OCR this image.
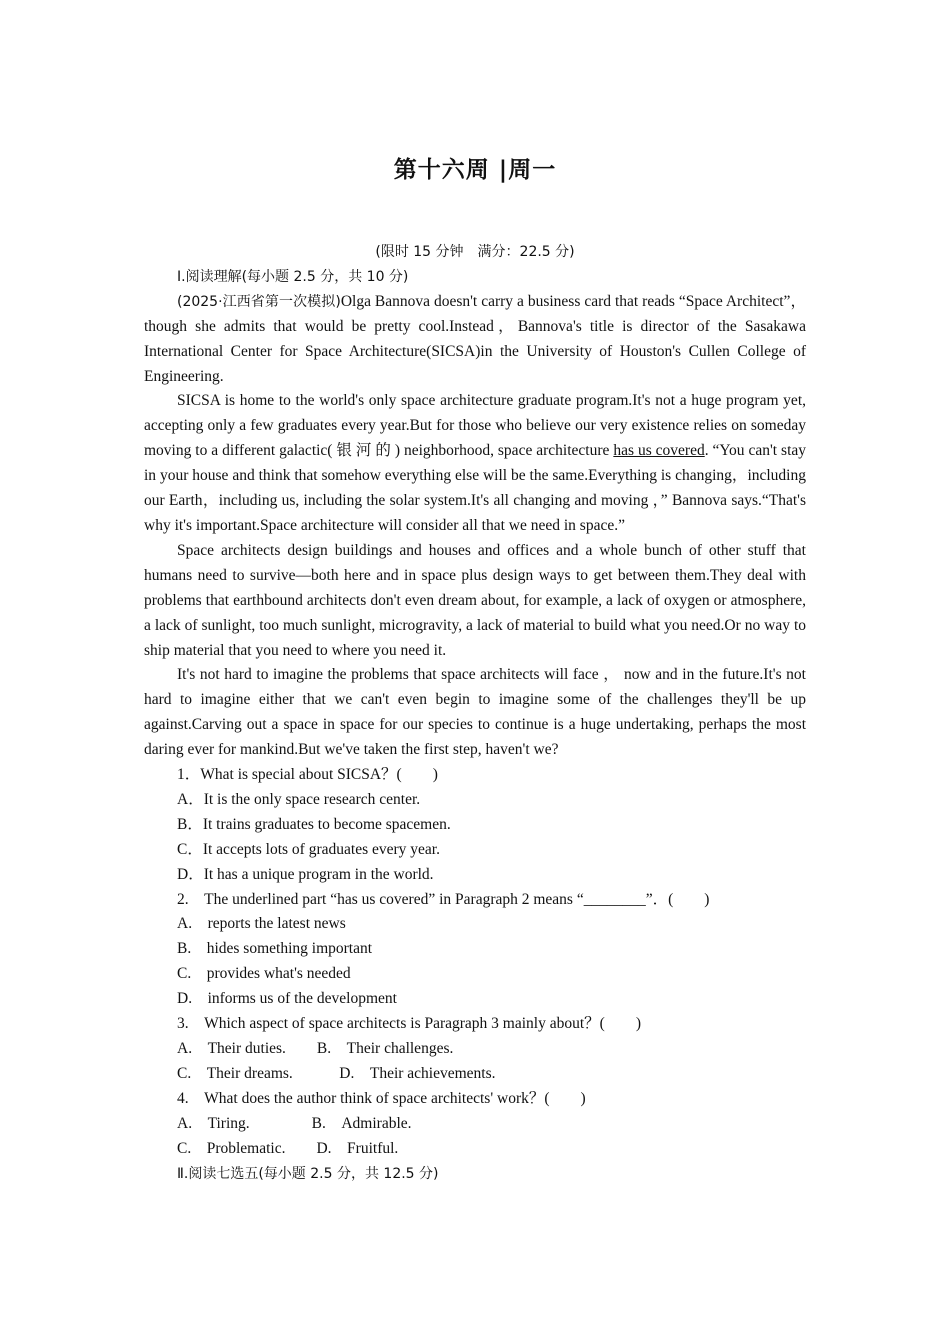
第十六周 |周一
(限时 15 分钟　满分：22.5 分)
Ⅰ.阅读理解(每小题 2.5 分，共 10 分)

(2025·江西省第一次模拟)Olga Bannova doesn't carry a business card that reads “Space Architect”， though she admits that would be pretty cool.Instead，Bannova's title is director of the Sasakawa International Center for Space Architecture(SICSA)in the University of Houston's Cullen College of Engineering.

SICSA is home to the world's only space architecture graduate program.It's not a huge program yet, accepting only a few graduates every year.But for those who believe our very existence relies on someday moving to a different galactic( 银 河 的 ) neighborhood, space architecture has us covered. “You can't stay in your house and think that somehow everything else will be the same.Everything is changing，including our Earth，including us, including the solar system.It's all changing and moving ，” Bannova says.“That's why it's important.Space architecture will consider all that we need in space.”

Space architects design buildings and houses and offices and a whole bunch of other stuff that humans need to survive—both here and in space plus design ways to get between them.They deal with problems that earthbound architects don't even dream about, for example, a lack of oxygen or atmosphere, a lack of sunlight, too much sunlight, microgravity, a lack of material to build what you need.Or no way to ship material that you need to where you need it.

It's not hard to imagine the problems that space architects will face ， now and in the future.It's not hard to imagine either that we can't even begin to imagine some of the challenges they'll be up against.Carving out a space in space for our species to continue is a huge undertaking, perhaps the most daring ever for mankind.But we've taken the first step, haven't we?

1．What is special about SICSA？(　　)
A．It is the only space research center.
B．It trains graduates to become spacemen.
C．It accepts lots of graduates every year.
D．It has a unique program in the world.
2.　The underlined part “has us covered” in Paragraph 2 means “________”．(　　)
A.　reports the latest news
B.　hides something important
C.　provides what's needed
D.　informs us of the development
3.　Which aspect of space architects is Paragraph 3 mainly about？(　　)
A.　Their duties.　　B.　Their challenges.
C.　Their dreams.　　　D.　Their achievements.
4.　What does the author think of space architects' work？(　　)
A.　Tiring.　　　　B.　Admirable.
C.　Problematic.　　D.　Fruitful.
Ⅱ.阅读七选五(每小题 2.5 分，共 12.5 分)
